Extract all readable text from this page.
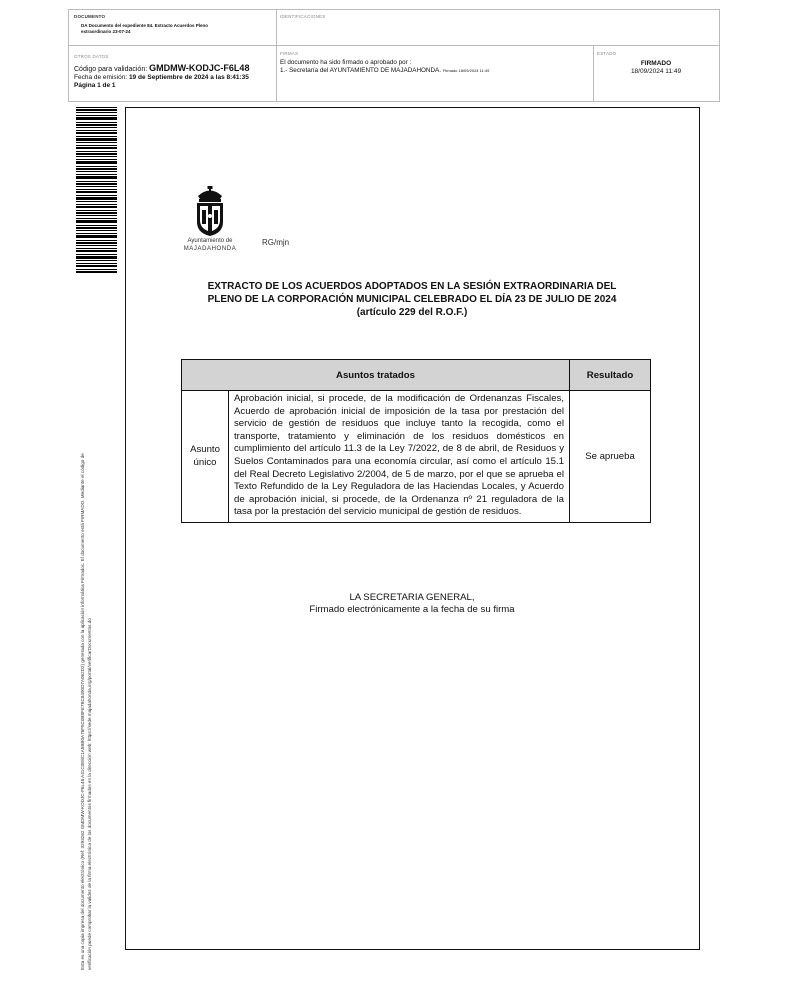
DOCUMENTO
DA Documento del expediente 84. Extracto Acuerdos Pleno extraordinario 23-07-24
IDENTIFICACIONES
OTROS DATOS
Código para validación: GMDMW-KODJC-F6L48
Fecha de emisión: 19 de Septiembre de 2024 a las 8:41:35
Página 1 de 1
FIRMAS
El documento ha sido firmado o aprobado por :
1.- Secretaría del AYUNTAMIENTO DE MAJADAHONDA. Firmado 18/09/2024 11:49
ESTADO
FIRMADO
18/09/2024 11:49
Esta es una copia impresa del documento electrónico (Ref: 3293262 GMDMW-KODJC-F6L48 A41C0E8C1A5BB0A76F5C0B8FE7BC8490D7A062D2) generada con la aplicación informática Firmadoc. El documento está FIRMADO. Mediante el código de verificación puede comprobar la validez de la firma electrónica de los documentos firmados en la dirección web: https://sede.majadahonda.org/portal/verificarDocumentos.do
Ayuntamiento de
MAJADAHONDA
RG/mjn
EXTRACTO DE LOS ACUERDOS ADOPTADOS EN LA SESIÓN EXTRAORDINARIA DEL
PLENO DE LA CORPORACIÓN MUNICIPAL CELEBRADO EL DÍA 23 DE JULIO DE 2024
(artículo 229 del R.O.F.)
Asuntos tratados		Resultado
Asunto único	Aprobación inicial, si procede, de la modificación de Ordenanzas Fiscales, Acuerdo de aprobación inicial de imposición de la tasa por prestación del servicio de gestión de residuos que incluye tanto la recogida, como el transporte, tratamiento y eliminación de los residuos domésticos en cumplimiento del artículo 11.3 de la Ley 7/2022, de 8 de abril, de Residuos y Suelos Contaminados para una economía circular, así como el artículo 15.1 del Real Decreto Legislativo 2/2004, de 5 de marzo, por el que se aprueba el Texto Refundido de la Ley Reguladora de las Haciendas Locales, y Acuerdo de aprobación inicial, si procede, de la Ordenanza nº 21 reguladora de la tasa por la prestación del servicio municipal de gestión de residuos.	Se aprueba
LA SECRETARIA GENERAL,
Firmado electrónicamente a la fecha de su firma
